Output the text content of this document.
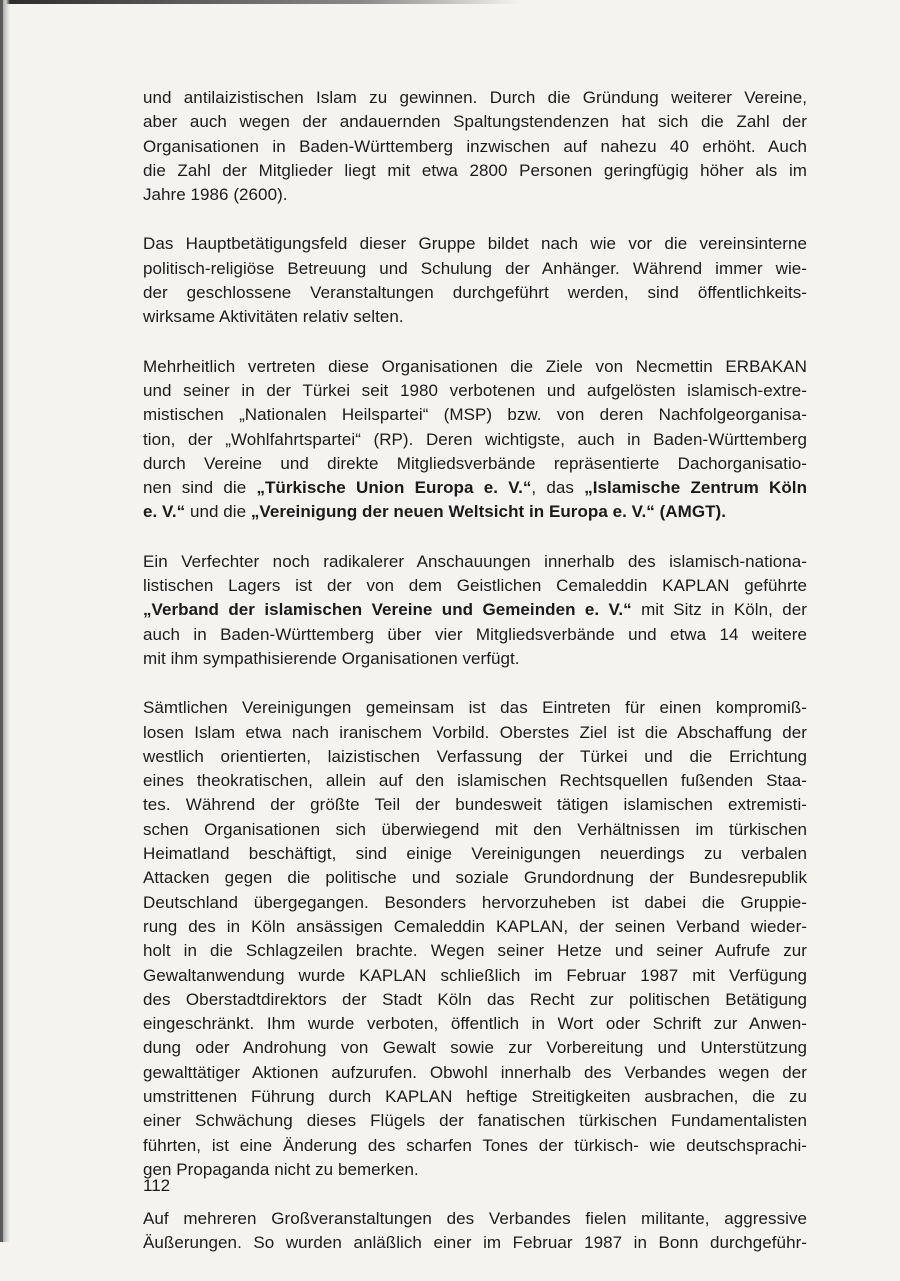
und antilaizistischen Islam zu gewinnen. Durch die Gründung weiterer Vereine,
aber auch wegen der andauernden Spaltungstendenzen hat sich die Zahl der
Organisationen in Baden-Württemberg inzwischen auf nahezu 40 erhöht. Auch
die Zahl der Mitglieder liegt mit etwa 2800 Personen geringfügig höher als im
Jahre 1986 (2600).

Das Hauptbetätigungsfeld dieser Gruppe bildet nach wie vor die vereinsinterne
politisch-religiöse Betreuung und Schulung der Anhänger. Während immer wie-
der geschlossene Veranstaltungen durchgeführt werden, sind öffentlichkeits-
wirksame Aktivitäten relativ selten.

Mehrheitlich vertreten diese Organisationen die Ziele von Necmettin ERBAKAN
und seiner in der Türkei seit 1980 verbotenen und aufgelösten islamisch-extre-
mistischen „Nationalen Heilspartei“ (MSP) bzw. von deren Nachfolgeorganisa-
tion, der „Wohlfahrtspartei“ (RP). Deren wichtigste, auch in Baden-Württemberg
durch Vereine und direkte Mitgliedsverbände repräsentierte Dachorganisatio-
nen sind die „Türkische Union Europa e. V.“, das „Islamische Zentrum Köln
e. V.“ und die „Vereinigung der neuen Weltsicht in Europa e. V.“ (AMGT).

Ein Verfechter noch radikalerer Anschauungen innerhalb des islamisch-nationa-
listischen Lagers ist der von dem Geistlichen Cemaleddin KAPLAN geführte
„Verband der islamischen Vereine und Gemeinden e. V.“ mit Sitz in Köln, der
auch in Baden-Württemberg über vier Mitgliedsverbände und etwa 14 weitere
mit ihm sympathisierende Organisationen verfügt.

Sämtlichen Vereinigungen gemeinsam ist das Eintreten für einen kompromiß-
losen Islam etwa nach iranischem Vorbild. Oberstes Ziel ist die Abschaffung der
westlich orientierten, laizistischen Verfassung der Türkei und die Errichtung
eines theokratischen, allein auf den islamischen Rechtsquellen fußenden Staa-
tes. Während der größte Teil der bundesweit tätigen islamischen extremisti-
schen Organisationen sich überwiegend mit den Verhältnissen im türkischen
Heimatland beschäftigt, sind einige Vereinigungen neuerdings zu verbalen
Attacken gegen die politische und soziale Grundordnung der Bundesrepublik
Deutschland übergegangen. Besonders hervorzuheben ist dabei die Gruppie-
rung des in Köln ansässigen Cemaleddin KAPLAN, der seinen Verband wieder-
holt in die Schlagzeilen brachte. Wegen seiner Hetze und seiner Aufrufe zur
Gewaltanwendung wurde KAPLAN schließlich im Februar 1987 mit Verfügung
des Oberstadtdirektors der Stadt Köln das Recht zur politischen Betätigung
eingeschränkt. Ihm wurde verboten, öffentlich in Wort oder Schrift zur Anwen-
dung oder Androhung von Gewalt sowie zur Vorbereitung und Unterstützung
gewalttätiger Aktionen aufzurufen. Obwohl innerhalb des Verbandes wegen der
umstrittenen Führung durch KAPLAN heftige Streitigkeiten ausbrachen, die zu
einer Schwächung dieses Flügels der fanatischen türkischen Fundamentalisten
führten, ist eine Änderung des scharfen Tones der türkisch- wie deutschsprachi-
gen Propaganda nicht zu bemerken.

Auf mehreren Großveranstaltungen des Verbandes fielen militante, aggressive
Äußerungen. So wurden anläßlich einer im Februar 1987 in Bonn durchgeführ-

112
